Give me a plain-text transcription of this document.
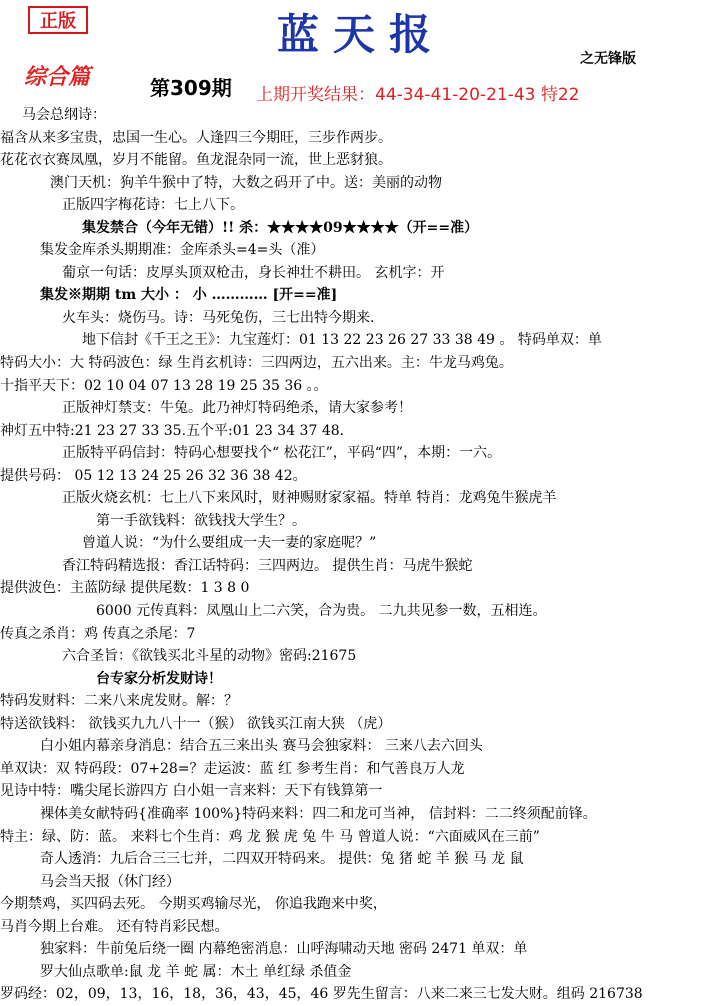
正版	蓝天报	之无锋版
综合篇	第309期 上期开奖结果：44-34-41-20-21-43 特22
马会总纲诗：
福含从来多宝贵，忠国一生心。人逢四三今期旺，三步作两步。
花花衣衣赛凤凰，岁月不能留。鱼龙混杂同一流，世上恶豺狼。
澳门天机：狗羊牛猴中了特，大数之码开了中。送：美丽的动物
正版四字梅花诗：七上八下。
集发禁合（今年无错）!! 杀：★★★★09★★★★（开==准）
集发金库杀头期期准：金库杀头=4=头（准）
葡京一句话：皮厚头顶双枪击，身长神壮不耕田。 玄机字：开
集发※期期 tm 大小 ： 小 ………… [开==准]
火车头：烧伤马。诗：马死兔伤，三七出特今期来.
地下信封《千王之王》：九宝莲灯：01 13 22 23 26 27 33 38 49 。 特码单双：单
特码大小：大 特码波色：绿 生肖玄机诗：三四两边，五六出来。主：牛龙马鸡兔。
十指平天下：02 10 04 07 13 28 19 25 35 36 。。
正版神灯禁支：牛兔。此乃神灯特码绝杀，请大家参考！
神灯五中特:21 23 27 33 35.五个平:01 23 34 37 48.
正版特平码信封：特码心想要找个“ 松花江”，平码“四”，本期：一六。
提供号码： 05 12 13 24 25 26 32 36 38 42。
正版火烧玄机：七上八下来风时，财神赐财家家福。特单 特肖：龙鸡兔牛猴虎羊
第一手欲钱料：欲钱找大学生？。
曾道人说：“为什么要组成一夫一妻的家庭呢？”
香江特码精选报：香江话特码：三四两边。 提供生肖：马虎牛猴蛇
提供波色：主蓝防绿 提供尾数：1 3 8 0
6000 元传真料：凤凰山上二六笑，合为贵。 二九共见参一数，五相连。
传真之杀肖：鸡 传真之杀尾：7
六合圣旨：《欲钱买北斗星的动物》密码:21675
台专家分析发财诗！
特码发财料：二来八来虎发财。解：？
特送欲钱料： 欲钱买九九八十一（猴） 欲钱买江南大狭 （虎）
白小姐内幕亲身消息：结合五三来出头 赛马会独家料： 三来八去六回头
单双诀：双 特码段：07+28=？走运波：蓝 红 参考生肖：和气善良万人龙
见诗中特：嘴尖尾长游四方 白小姐一言来料：天下有钱算第一
裸体美女献特码{准确率 100%}特码来料：四二和龙可当神， 信封料：二二终须配前锋。
特主：绿、防：蓝。 来料七个生肖：鸡 龙 猴 虎 兔 牛 马 曾道人说：“六面威风在三前”
奇人透消：九后合三三七并，二四双开特码来。 提供：兔 猪 蛇 羊 猴 马 龙 鼠
马会当天报（休门经）
今期禁鸡，买四码去死。 今期买鸡输尽光， 你追我跑来中奖，
马肖今期上台难。 还有特肖彩民想。
独家料：牛前兔后绕一圈 内幕绝密消息：山呼海啸动天地 密码 2471 单双：单
罗大仙点歌单:鼠 龙 羊 蛇 属：木土 单红绿 杀值金
罗码经：02，09，13，16，18，36，43，45，46 罗先生留言：八来二来三七发大财。组码 216738
